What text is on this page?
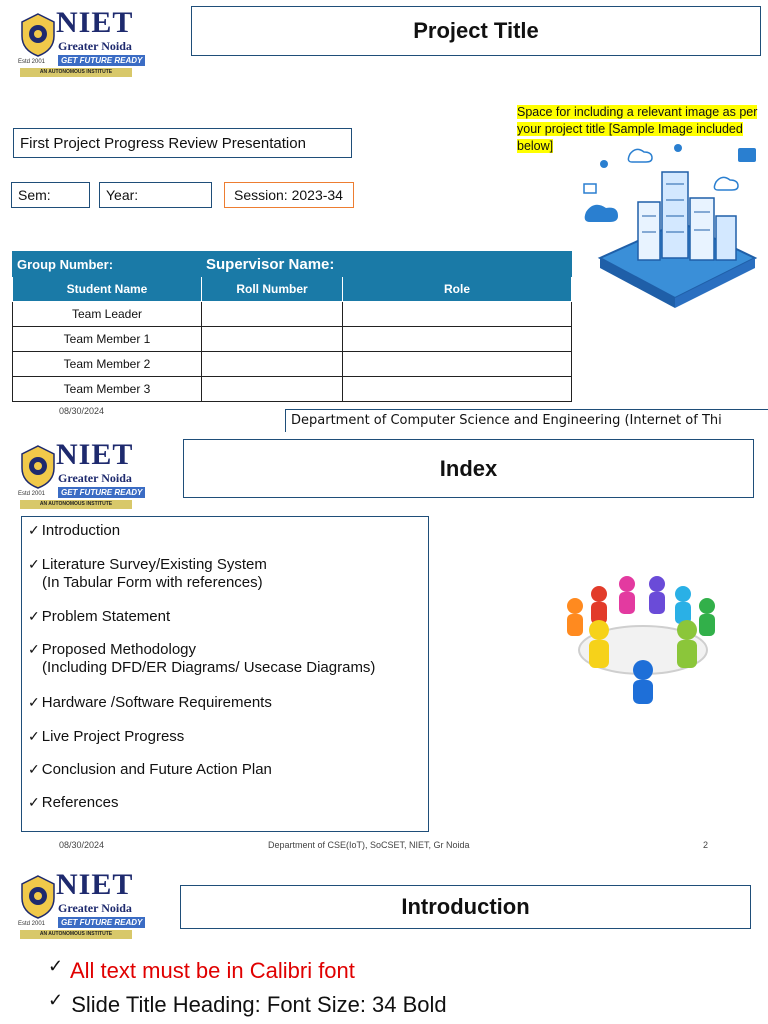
NIET
Greater Noida
GET FUTURE READY
Estd 2001
AN AUTONOMOUS INSTITUTE
Project Title
First Project Progress Review Presentation
Sem:	Year:	Session: 2023-34
Space for including a relevant image as per your project title [Sample Image included below]
Group Number:	Supervisor Name:	
Student Name	Roll Number	Role
Team Leader		
Team Member 1		
Team Member 2		
Team Member 3		
08/30/2024
Department of Computer Science and Engineering (Internet of Thi
NIET
Greater Noida
GET FUTURE READY
Estd 2001
AN AUTONOMOUS INSTITUTE
Index
✓ Introduction
✓ Literature Survey/Existing System
(In Tabular Form with references)
✓ Problem Statement
✓ Proposed Methodology
(Including DFD/ER Diagrams/ Usecase Diagrams)
✓ Hardware /Software Requirements
✓ Live Project Progress
✓ Conclusion and Future Action Plan
✓ References
08/30/2024	Department of CSE(IoT), SoCSET, NIET, Gr Noida	2
NIET
Greater Noida
GET FUTURE READY
Estd 2001
AN AUTONOMOUS INSTITUTE
Introduction
✓ All text must be in Calibri font
✓ Slide Title Heading: Font Size: 34 Bold
